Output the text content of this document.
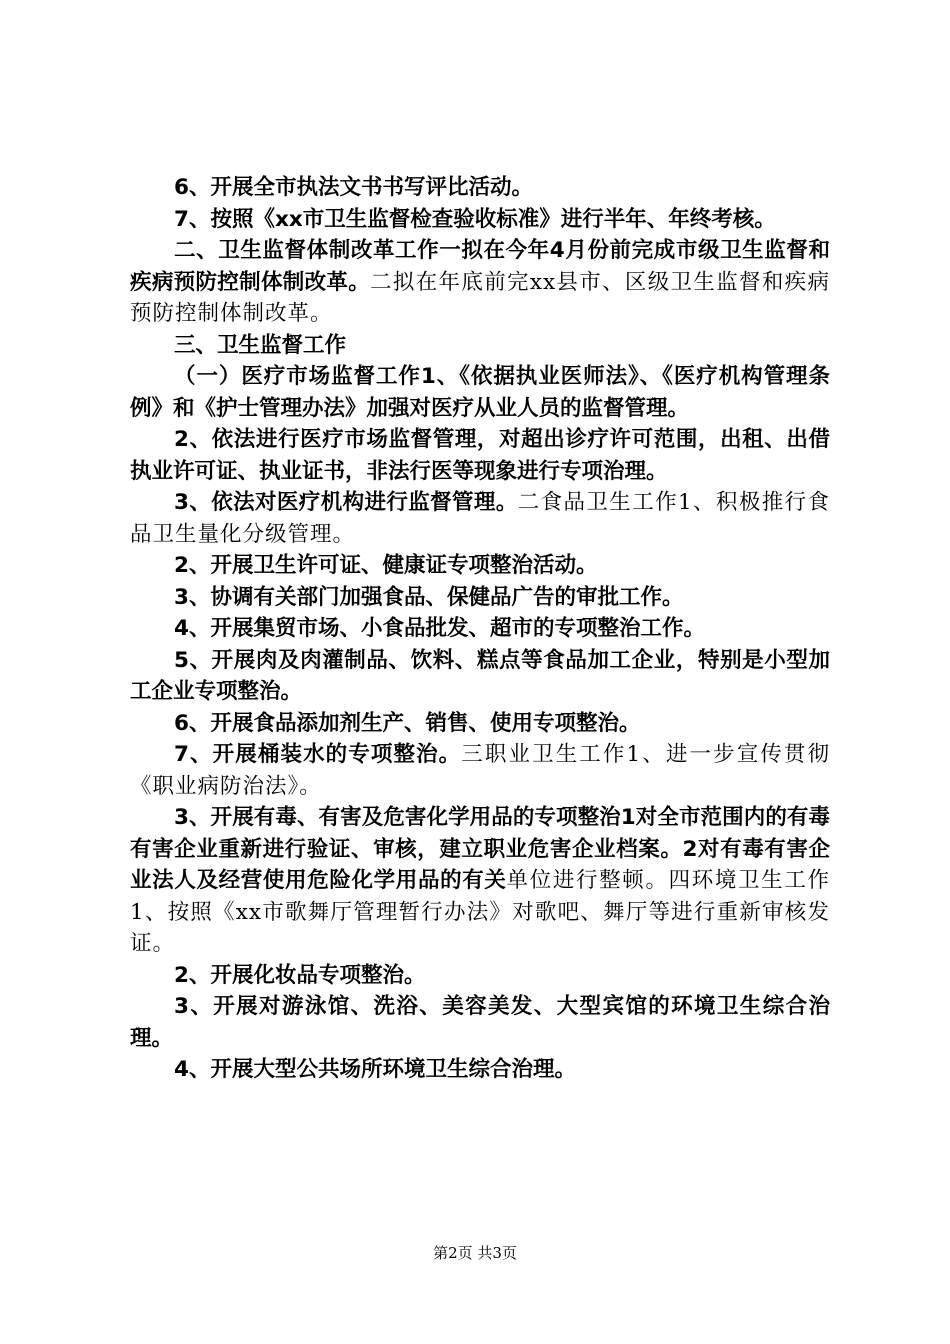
6、开展全市执法文书书写评比活动。

7、按照《xx市卫生监督检查验收标准》进行半年、年终考核。

二、卫生监督体制改革工作一拟在今年4月份前完成市级卫生监督和疾病预防控制体制改革。二拟在年底前完xx县市、区级卫生监督和疾病预防控制体制改革。

三、卫生监督工作

（一）医疗市场监督工作1、《依据执业医师法》、《医疗机构管理条例》和《护士管理办法》加强对医疗从业人员的监督管理。

2、依法进行医疗市场监督管理，对超出诊疗许可范围，出租、出借执业许可证、执业证书，非法行医等现象进行专项治理。

3、依法对医疗机构进行监督管理。二食品卫生工作1、积极推行食品卫生量化分级管理。

2、开展卫生许可证、健康证专项整治活动。

3、协调有关部门加强食品、保健品广告的审批工作。

4、开展集贸市场、小食品批发、超市的专项整治工作。

5、开展肉及肉灌制品、饮料、糕点等食品加工企业，特别是小型加工企业专项整治。

6、开展食品添加剂生产、销售、使用专项整治。

7、开展桶装水的专项整治。三职业卫生工作1、进一步宣传贯彻《职业病防治法》。

3、开展有毒、有害及危害化学用品的专项整治1对全市范围内的有毒有害企业重新进行验证、审核，建立职业危害企业档案。2对有毒有害企业法人及经营使用危险化学用品的有关单位进行整顿。四环境卫生工作1、按照《xx市歌舞厅管理暂行办法》对歌吧、舞厅等进行重新审核发证。

2、开展化妆品专项整治。

3、开展对游泳馆、洗浴、美容美发、大型宾馆的环境卫生综合治理。

4、开展大型公共场所环境卫生综合治理。

第2页 共3页
